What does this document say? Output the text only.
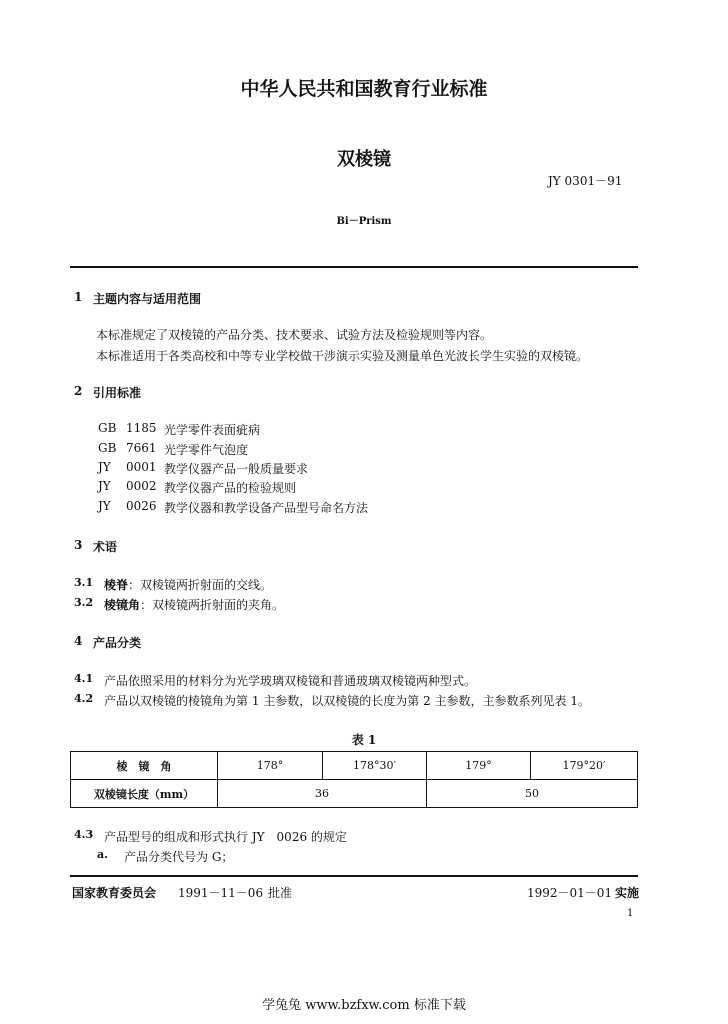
中华人民共和国教育行业标准
双棱镜
JY 0301－91
Bi－Prism
1 主题内容与适用范围
本标准规定了双棱镜的产品分类、技术要求、试验方法及检验规则等内容。
本标准适用于各类高校和中等专业学校做干涉演示实验及测量单色光波长学生实验的双棱镜。
2 引用标准
GB 1185 光学零件表面疵病
GB 7661 光学零件气泡度
JY 0001 教学仪器产品一般质量要求
JY 0002 教学仪器产品的检验规则
JY 0026 教学仪器和教学设备产品型号命名方法
3 术语
3.1 棱脊：双棱镜两折射面的交线。
3.2 棱镜角：双棱镜两折射面的夹角。
4 产品分类
4.1 产品依照采用的材料分为光学玻璃双棱镜和普通玻璃双棱镜两种型式。
4.2 产品以双棱镜的棱镜角为第 1 主参数，以双棱镜的长度为第 2 主参数，主参数系列见表 1。
表 1
棱　镜　角	178°	178°30′	179°	179°20′
双棱镜长度（mm）	36		50	
4.3 产品型号的组成和形式执行 JY　0026 的规定
a. 产品分类代号为 G；
国家教育委员会 1991－11－06 批准	1992－01－01 实施
1
学兔兔 www.bzfxw.com 标准下载
